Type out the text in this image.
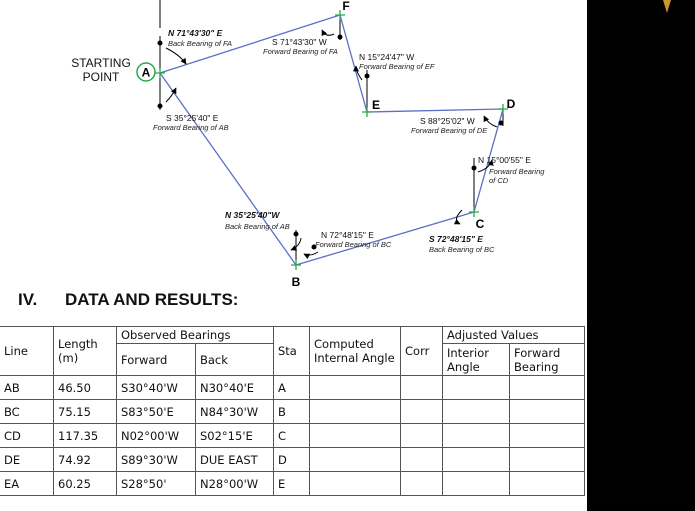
STARTING
POINT A
B
C
D
E
F
N 71°43'30" E
Back Bearing of FA	S 71°43'30" W
Forward Bearing of FA
N 15°24'47" W
Forward Bearing of EF
S 35°25'40" E
Forward Bearing of AB
S 88°25'02" W
Forward Bearing of DE
N 15°00'55" E
Forward Bearing
of CD
N 35°25'40"W
Back Bearing of AB
N 72°48'15" E
Forward Bearing of BC
S 72°48'15" E
Back Bearing of BC
IV. DATA AND RESULTS:
Line	Length (m)	Observed Bearings		Sta	Computed Internal Angle	Corr	Adjusted Values	
		Forward	Back				Interior Angle	Forward Bearing
AB	46.50	S30°40'W	N30°40'E	A				
BC	75.15	S83°50'E	N84°30'W	B				
CD	117.35	N02°00'W	S02°15'E	C				
DE	74.92	S89°30'W	DUE EAST	D				
EA	60.25	S28°50'	N28°00'W	E				
